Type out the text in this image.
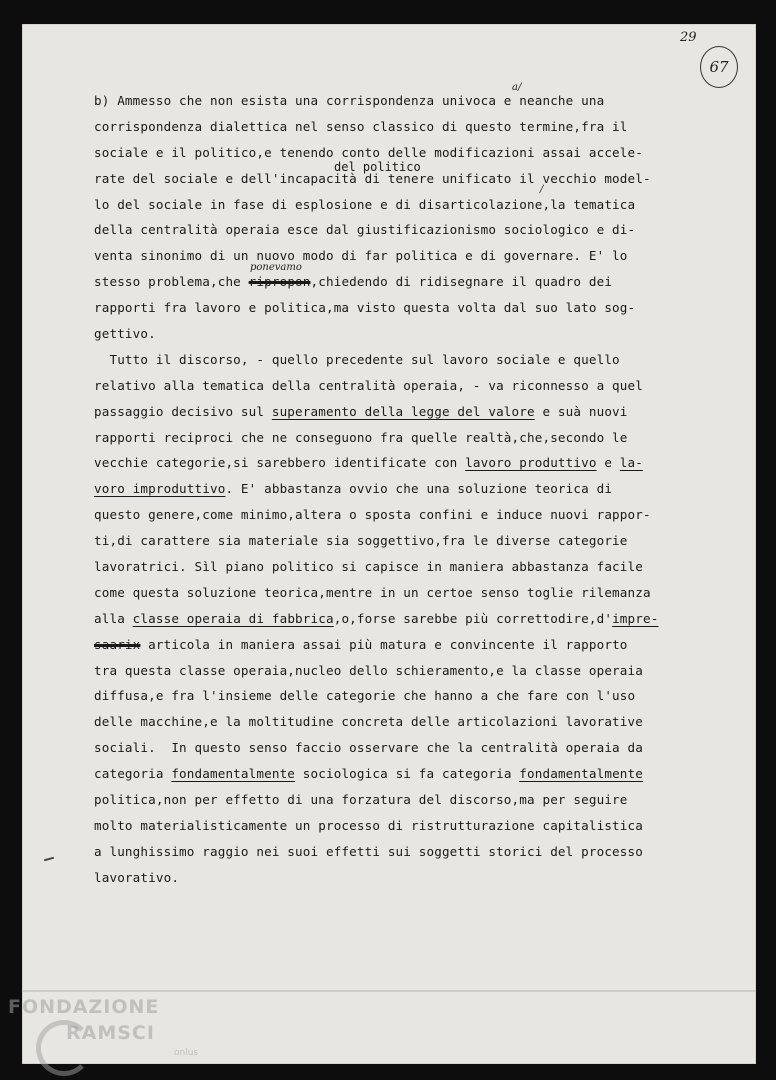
29
67
a/
del politico
/
ponevamo
b) Ammesso che non esista una corrispondenza univoca e neanche una
corrispondenza dialettica nel senso classico di questo termine,fra il
sociale e il politico,e tenendo conto delle modificazioni assai accele-
rate del sociale e dell'incapacità di tenere unificato il vecchio model-
lo del sociale in fase di esplosione e di disarticolazione,la tematica
della centralità operaia esce dal giustificazionismo sociologico e di-
venta sinonimo di un nuovo modo di far politica e di governare. E' lo
stesso problema,che ripropon,chiedendo di ridisegnare il quadro dei
rapporti fra lavoro e politica,ma visto questa volta dal suo lato sog-
gettivo.
Tutto il discorso, - quello precedente sul lavoro sociale e quello
relativo alla tematica della centralità operaia, - va riconnesso a quel
passaggio decisivo sul superamento della legge del valore e suà nuovi
rapporti reciproci che ne conseguono fra quelle realtà,che,secondo le
vecchie categorie,si sarebbero identificate con lavoro produttivo e la-
voro improduttivo. E' abbastanza ovvio che una soluzione teorica di
questo genere,come minimo,altera o sposta confini e induce nuovi rappor-
ti,di carattere sia materiale sia soggettivo,fra le diverse categorie
lavoratrici. Sìl piano politico si capisce in maniera abbastanza facile
come questa soluzione teorica,mentre in un certoe senso toglie rilemanza
alla classe operaia di fabbrica,o,forse sarebbe più correttodire,d'impre-
saarix articola in maniera assai più matura e convincente il rapporto
tra questa classe operaia,nucleo dello schieramento,e la classe operaia
diffusa,e fra l'insieme delle categorie che hanno a che fare con l'uso
delle macchine,e la moltitudine concreta delle articolazioni lavorative
sociali.  In questo senso faccio osservare che la centralità operaia da
categoria fondamentalmente sociologica si fa categoria fondamentalmente
politica,non per effetto di una forzatura del discorso,ma per seguire
molto materialisticamente un processo di ristrutturazione capitalistica
a lunghissimo raggio nei suoi effetti sui soggetti storici del processo
lavorativo.
FONDAZIONE
RAMSCI
onlus
